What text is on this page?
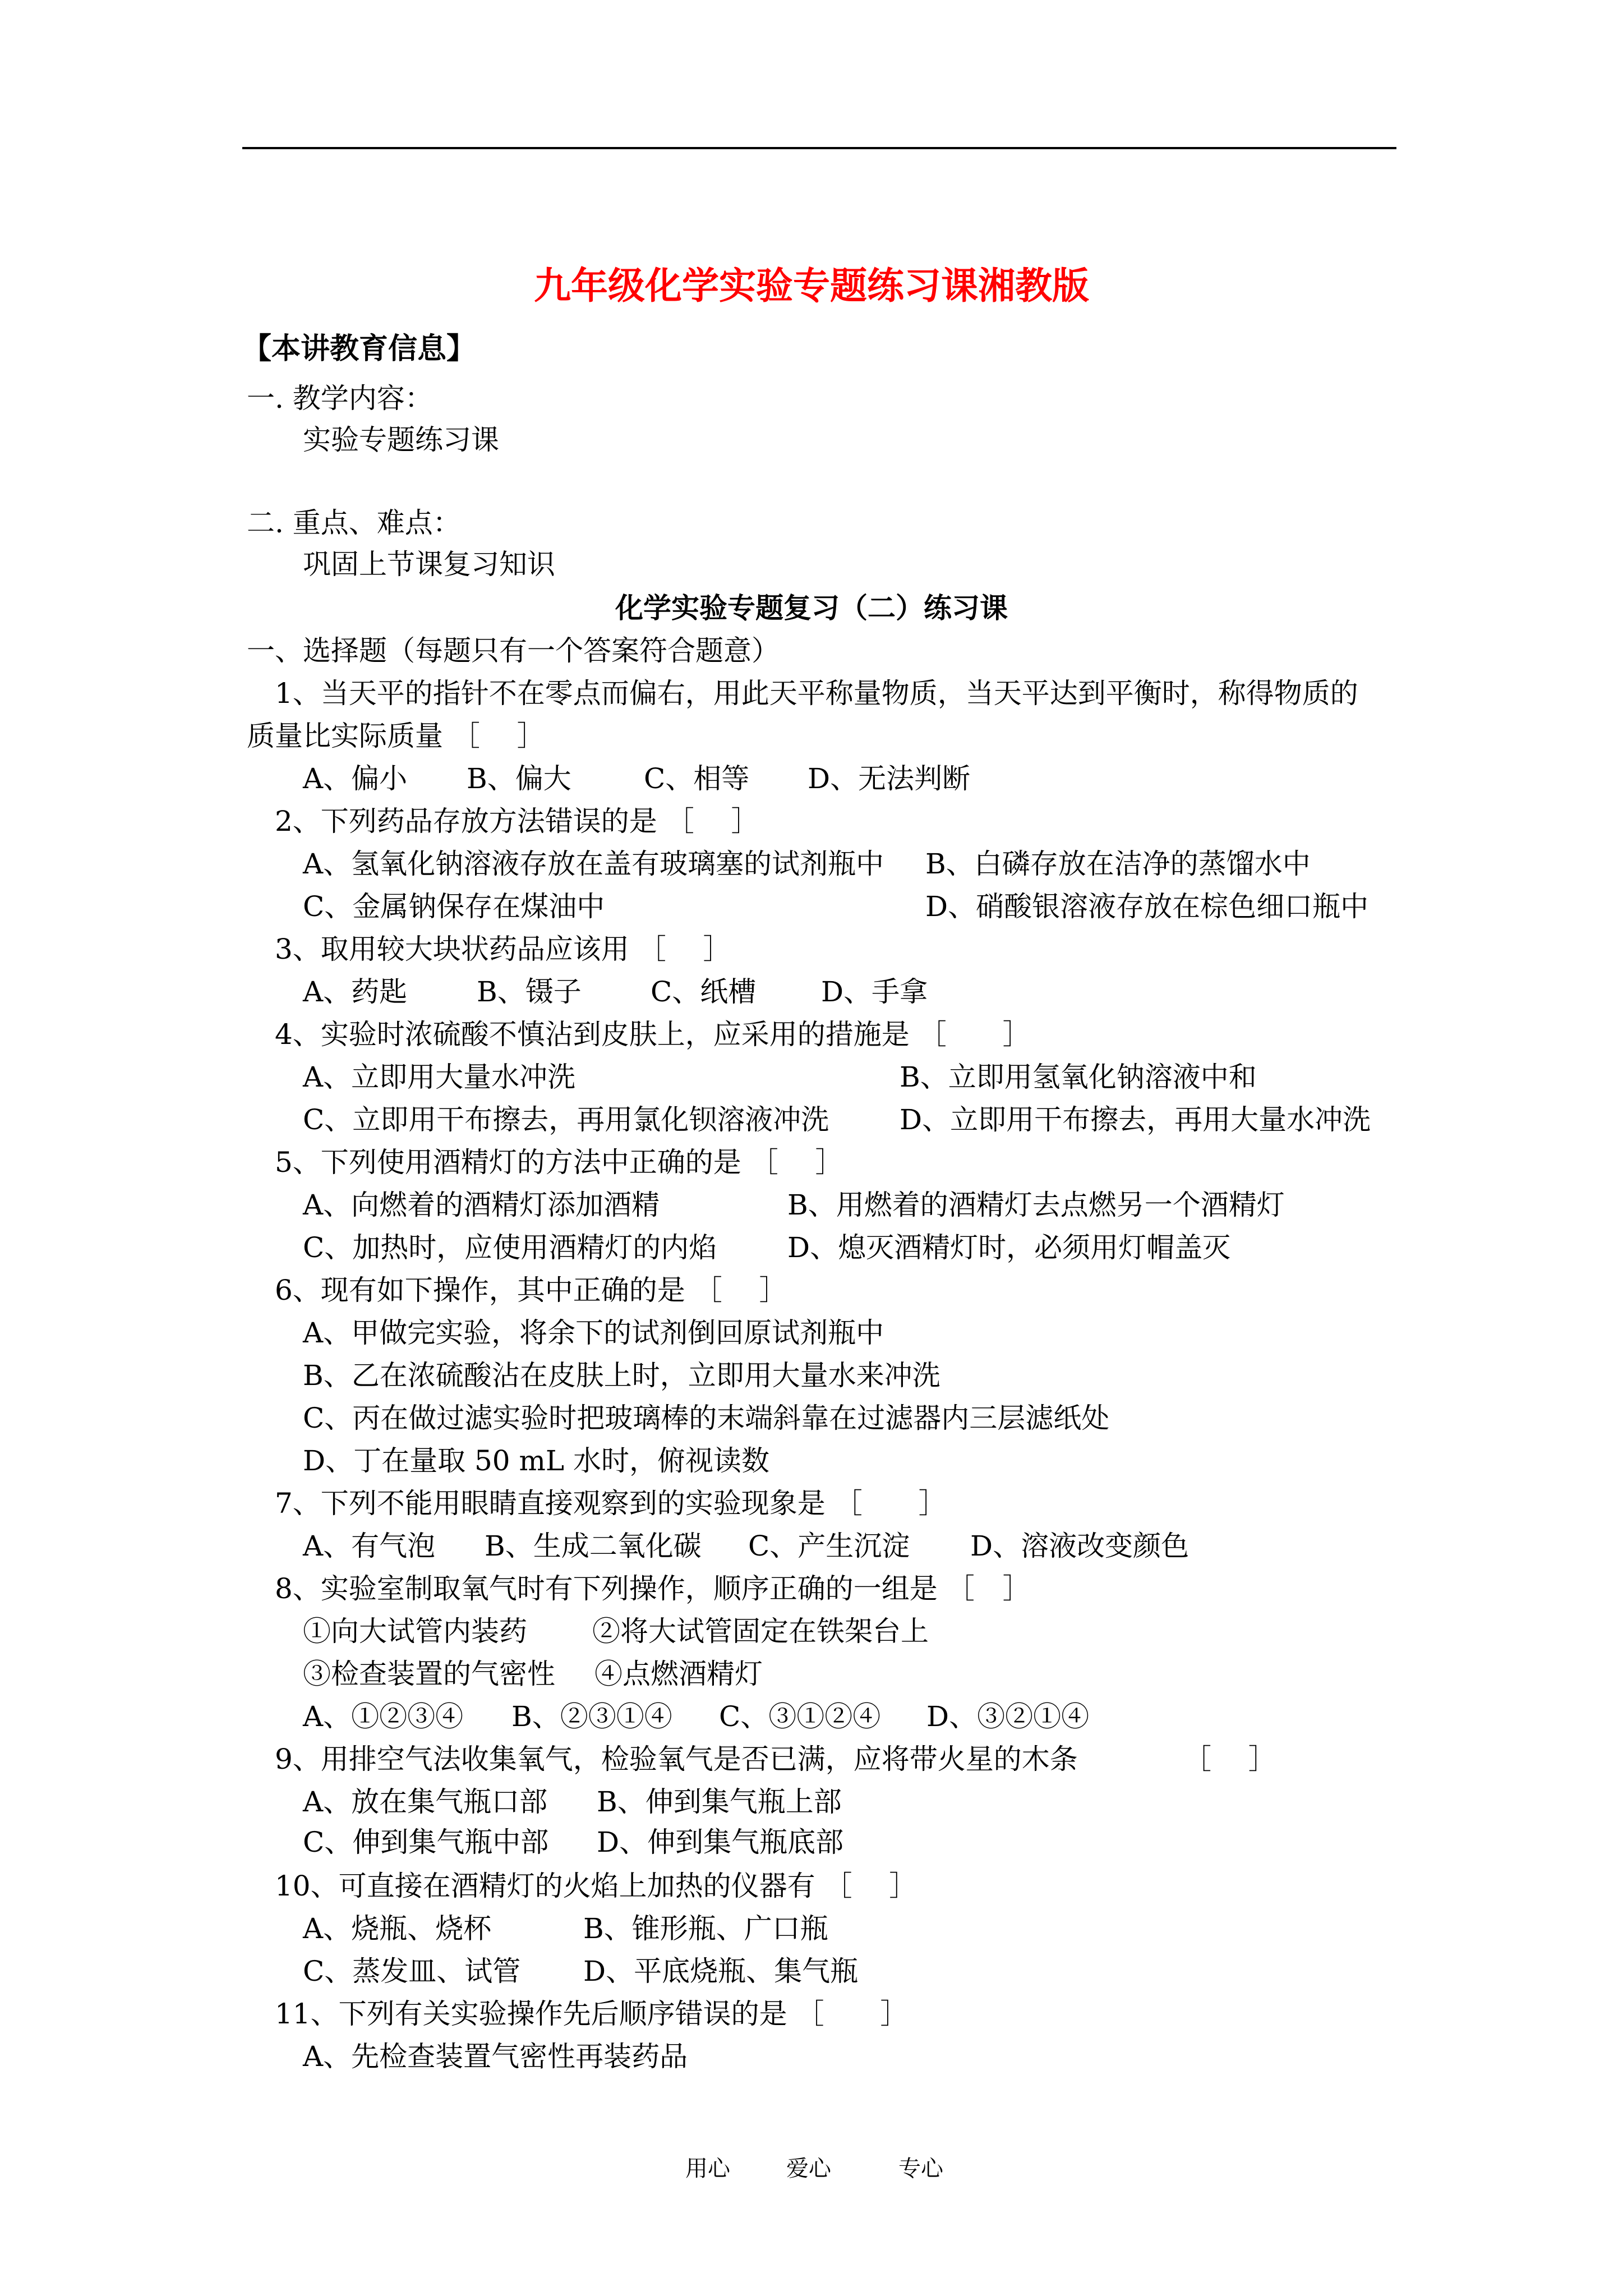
九年级化学实验专题练习课湘教版
【本讲教育信息】
一. 教学内容：
实验专题练习课
二. 重点、难点：
巩固上节课复习知识
化学实验专题复习（二）练习课
一、选择题（每题只有一个答案符合题意）
1、当天平的指针不在零点而偏右，用此天平称量物质，当天平达到平衡时，称得物质的
质量比实际质量 ［　 ］
A、偏小 B、偏大	C、相等 D、无法判断
2、下列药品存放方法错误的是 ［　 ］
A、氢氧化钠溶液存放在盖有玻璃塞的试剂瓶中 B、白磷存放在洁净的蒸馏水中
C、金属钠保存在煤油中	D、硝酸银溶液存放在棕色细口瓶中
3、取用较大块状药品应该用 ［　 ］
A、药匙 B、镊子 C、纸槽 D、手拿
4、实验时浓硫酸不慎沾到皮肤上，应采用的措施是 ［　　］
A、立即用大量水冲洗	B、立即用氢氧化钠溶液中和
C、立即用干布擦去，再用氯化钡溶液冲洗	D、立即用干布擦去，再用大量水冲洗
5、下列使用酒精灯的方法中正确的是 ［　 ］
A、向燃着的酒精灯添加酒精	B、用燃着的酒精灯去点燃另一个酒精灯
C、加热时，应使用酒精灯的内焰	D、熄灭酒精灯时，必须用灯帽盖灭
6、现有如下操作，其中正确的是 ［　 ］
A、甲做完实验，将余下的试剂倒回原试剂瓶中
B、乙在浓硫酸沾在皮肤上时，立即用大量水来冲洗
C、丙在做过滤实验时把玻璃棒的末端斜靠在过滤器内三层滤纸处
D、丁在量取 50 mL 水时，俯视读数
7、下列不能用眼睛直接观察到的实验现象是 ［　　］
A、有气泡 B、生成二氧化碳 C、产生沉淀 D、溶液改变颜色
8、实验室制取氧气时有下列操作，顺序正确的一组是 ［　］
①向大试管内装药 ②将大试管固定在铁架台上
③检查装置的气密性 ④点燃酒精灯
A、①②③④ B、②③①④ C、③①②④ D、③②①④
9、用排空气法收集氧气，检验氧气是否已满，应将带火星的木条	［　 ］
A、放在集气瓶口部 B、伸到集气瓶上部
C、伸到集气瓶中部 D、伸到集气瓶底部
10、可直接在酒精灯的火焰上加热的仪器有 ［　 ］
A、烧瓶、烧杯	B、锥形瓶、广口瓶
C、蒸发皿、试管 D、平底烧瓶、集气瓶
11、下列有关实验操作先后顺序错误的是 ［　　］
A、先检查装置气密性再装药品
用心	爱心	专心
